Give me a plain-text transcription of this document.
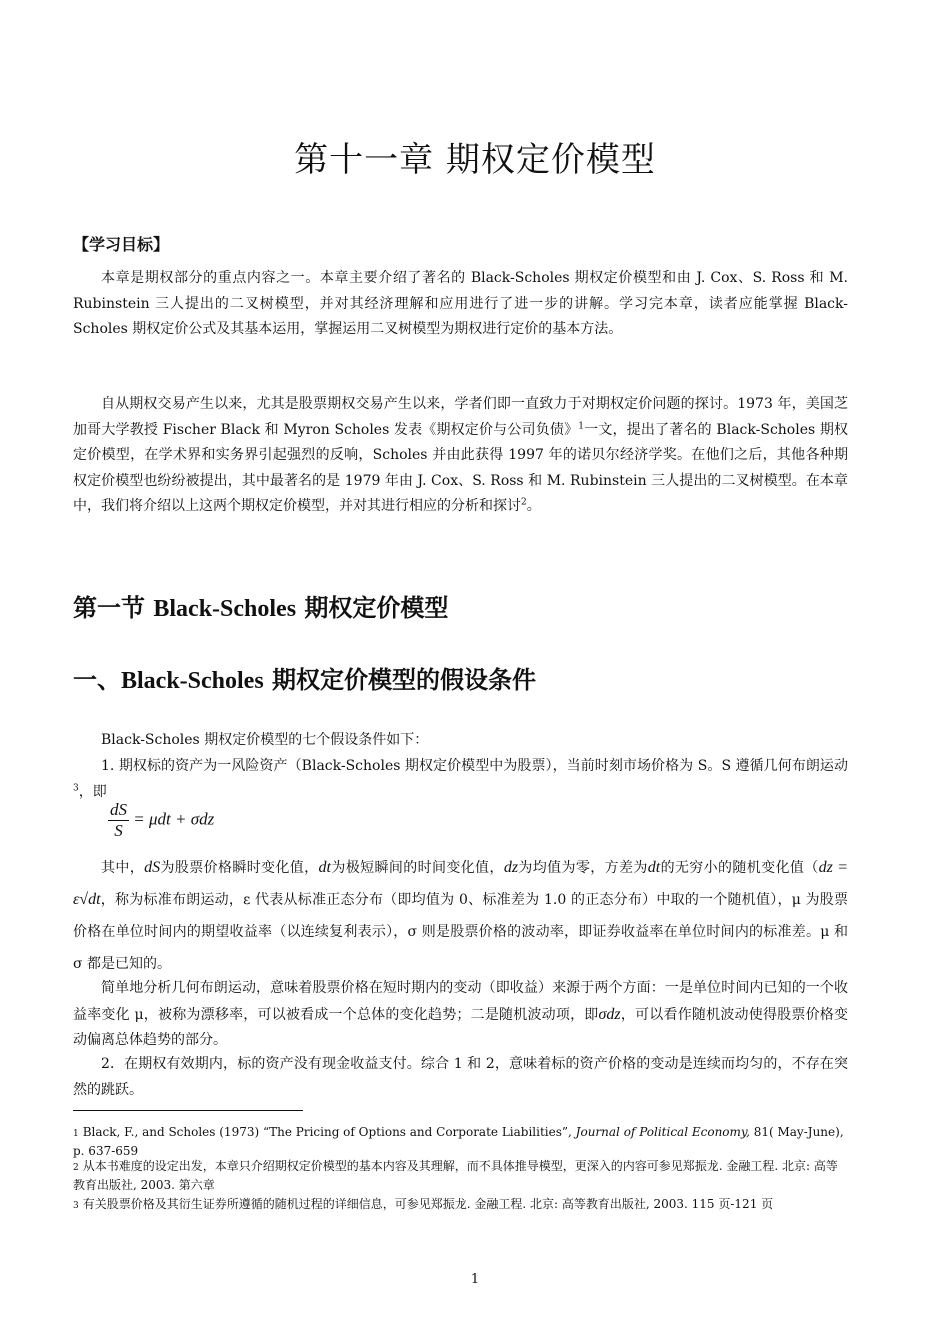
第十一章 期权定价模型
【学习目标】

本章是期权部分的重点内容之一。本章主要介绍了著名的 Black-Scholes 期权定价模型和由 J. Cox、S. Ross 和 M. Rubinstein 三人提出的二叉树模型，并对其经济理解和应用进行了进一步的讲解。学习完本章，读者应能掌握 Black-Scholes 期权定价公式及其基本运用，掌握运用二叉树模型为期权进行定价的基本方法。

自从期权交易产生以来，尤其是股票期权交易产生以来，学者们即一直致力于对期权定价问题的探讨。1973 年，美国芝加哥大学教授 Fischer Black 和 Myron Scholes 发表《期权定价与公司负债》$^1$一文，提出了著名的 Black-Scholes 期权定价模型，在学术界和实务界引起强烈的反响，Scholes 并由此获得 1997 年的诺贝尔经济学奖。在他们之后，其他各种期权定价模型也纷纷被提出，其中最著名的是 1979 年由 J. Cox、S. Ross 和 M. Rubinstein 三人提出的二叉树模型。在本章中，我们将介绍以上这两个期权定价模型，并对其进行相应的分析和探讨$^2$。

第一节 Black-Scholes 期权定价模型
一、Black-Scholes 期权定价模型的假设条件

Black-Scholes 期权定价模型的七个假设条件如下：

1. 期权标的资产为一风险资产（Black-Scholes 期权定价模型中为股票），当前时刻市场价格为 S。S 遵循几何布朗运动$^3$，即

$\frac{dS}{S} = \mu dt + \sigma dz$

其中，dS为股票价格瞬时变化值，dt为极短瞬间的时间变化值，dz为均值为零，方差为dt的无穷小的随机变化值（dz = ε√dt，称为标准布朗运动，ε 代表从标准正态分布（即均值为 0、标准差为 1.0 的正态分布）中取的一个随机值），μ 为股票价格在单位时间内的期望收益率（以连续复利表示），σ 则是股票价格的波动率，即证券收益率在单位时间内的标准差。μ 和 σ 都是已知的。

简单地分析几何布朗运动，意味着股票价格在短时期内的变动（即收益）来源于两个方面：一是单位时间内已知的一个收益率变化 μ，被称为漂移率，可以被看成一个总体的变化趋势；二是随机波动项，即σdz，可以看作随机波动使得股票价格变动偏离总体趋势的部分。

2．在期权有效期内，标的资产没有现金收益支付。综合 1 和 2，意味着标的资产价格的变动是连续而均匀的，不存在突然的跳跃。

1 Black, F., and Scholes (1973) “The Pricing of Options and Corporate Liabilities”, Journal of Political Economy, 81( May-June), p. 637-659

2 从本书难度的设定出发，本章只介绍期权定价模型的基本内容及其理解，而不具体推导模型，更深入的内容可参见郑振龙. 金融工程. 北京: 高等教育出版社, 2003. 第六章

3 有关股票价格及其衍生证券所遵循的随机过程的详细信息，可参见郑振龙. 金融工程. 北京: 高等教育出版社, 2003. 115 页-121 页

1
